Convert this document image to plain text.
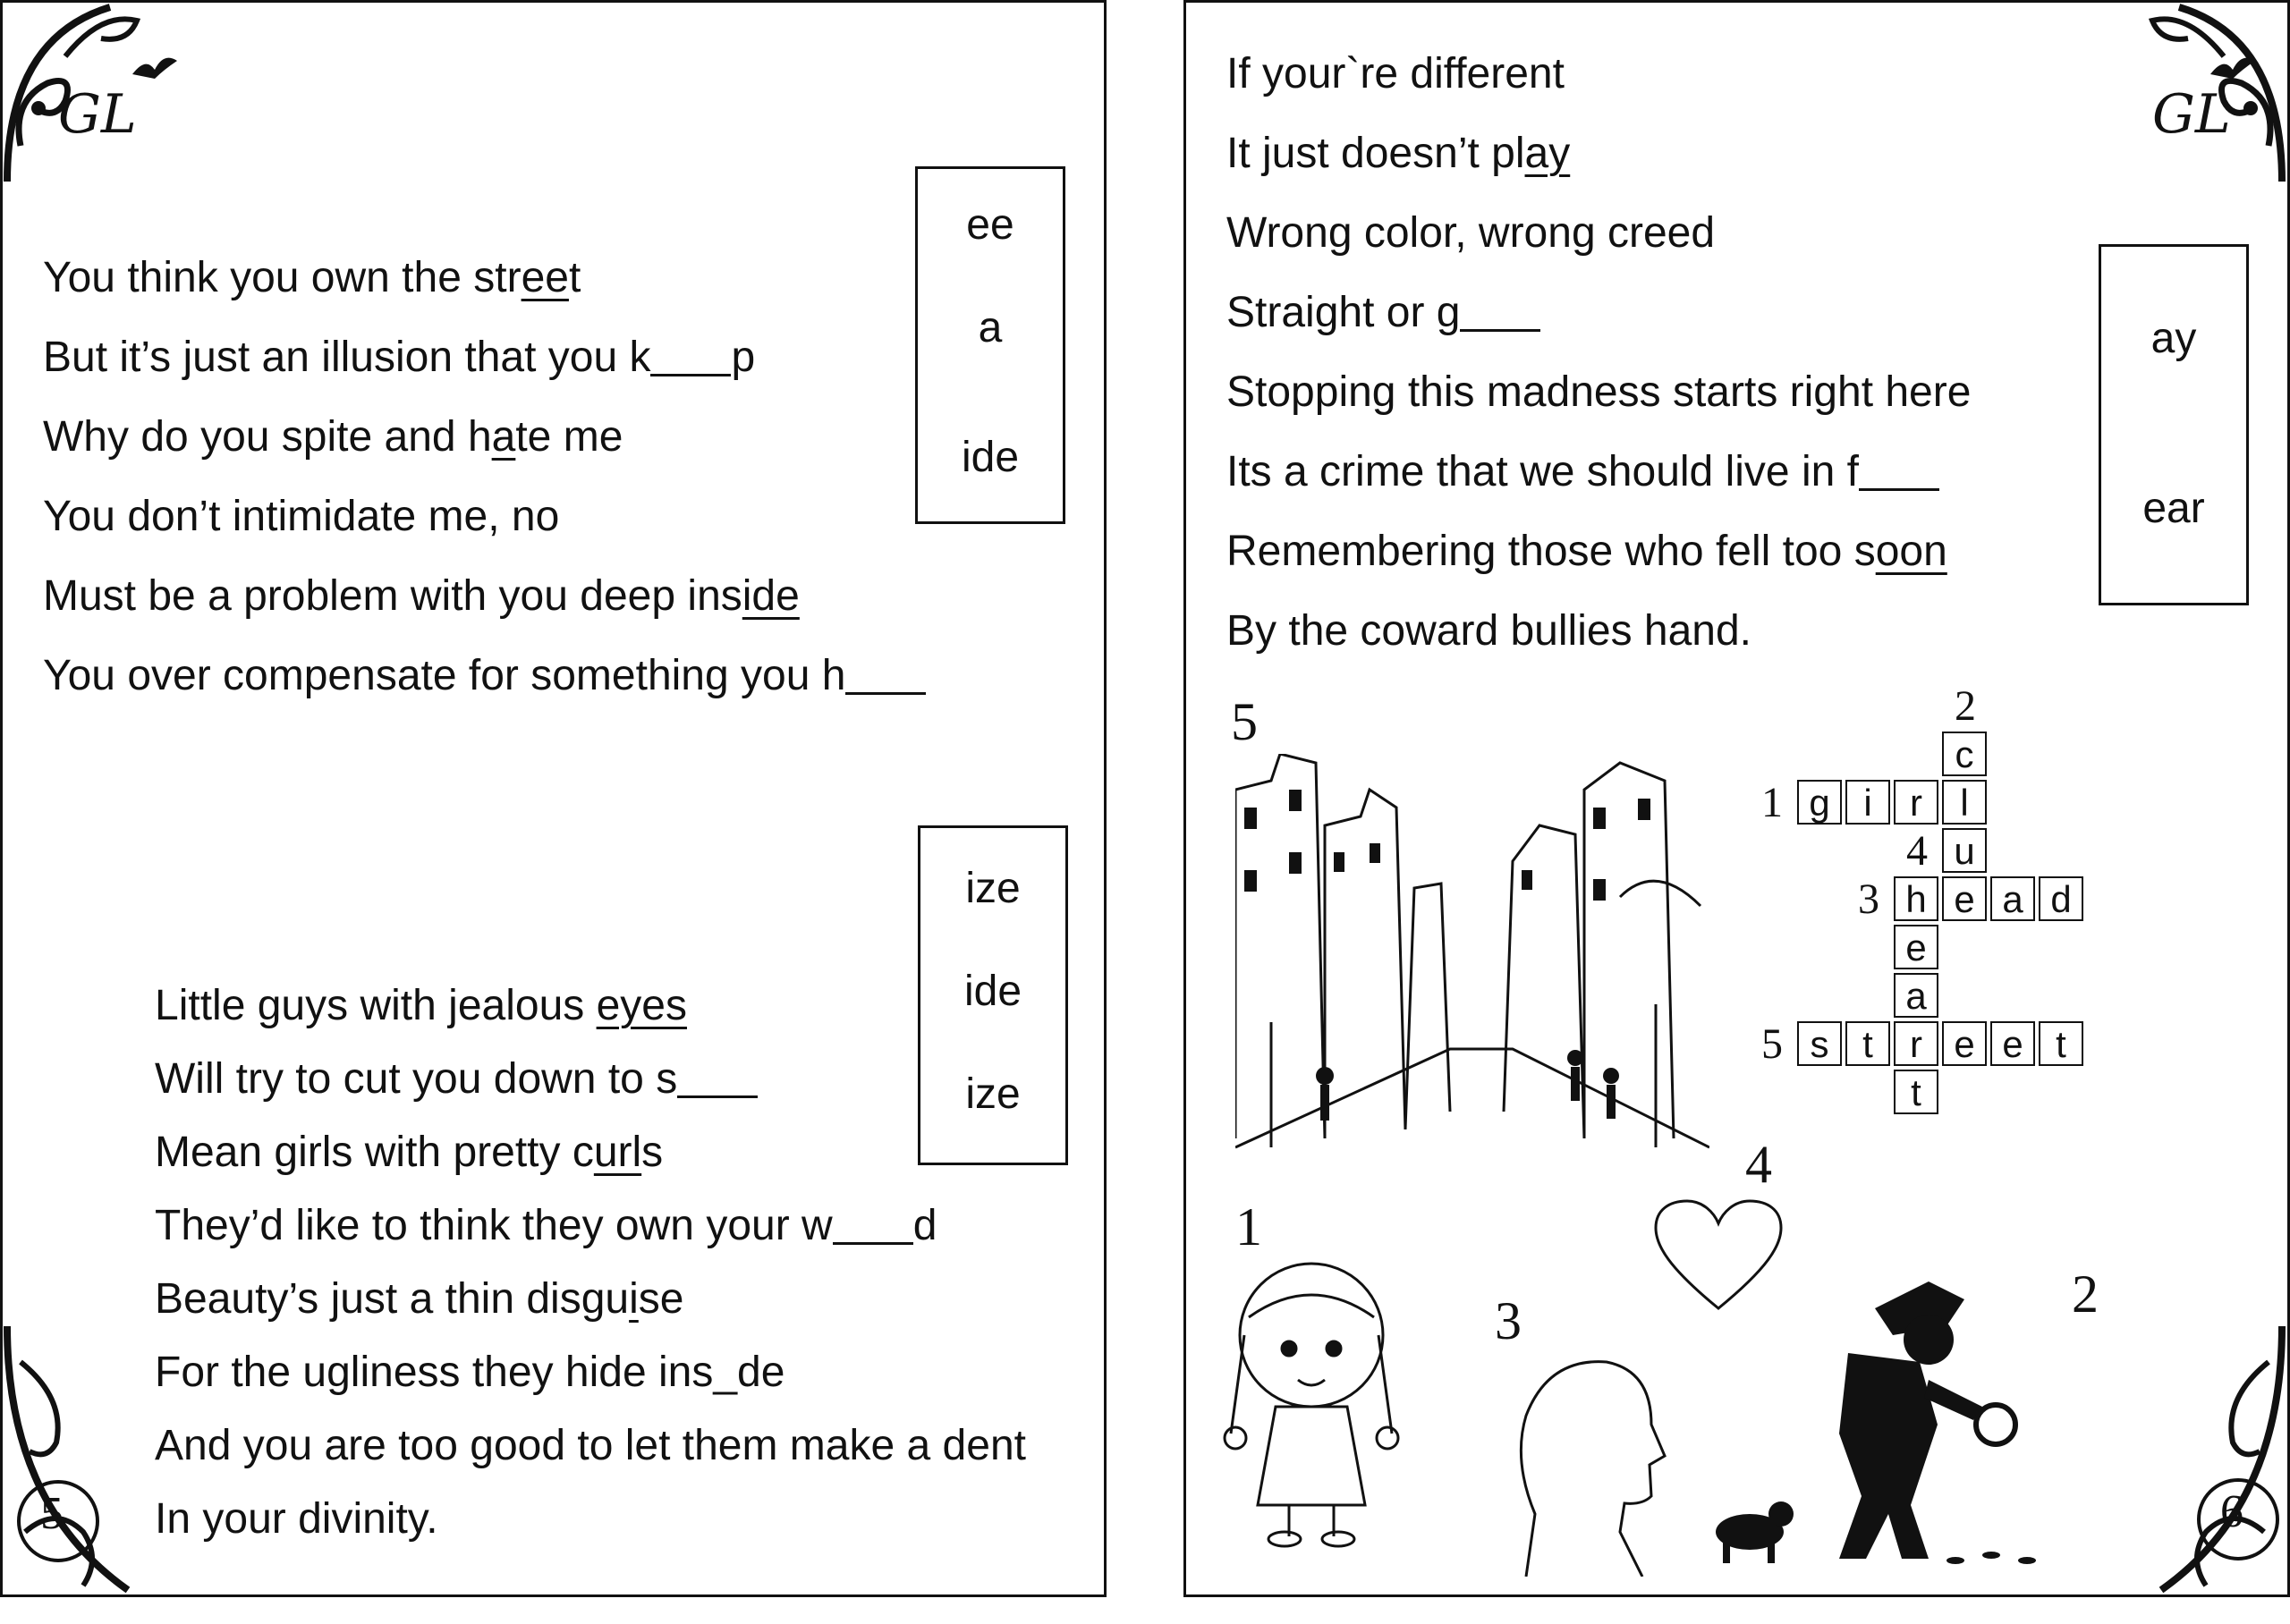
GL
5
You think you own the street
But it’s just an illusion that you k p
Why do you spite and hate me
You don’t intimidate me, no
Must be a problem with you deep inside
You over compensate for something you h
ee
a
ide
Little guys with jealous eyes
Will try to cut you down to s
Mean girls with pretty curls
They’d like to think they own your w d
Beauty’s just a thin disguise
For the ugliness they hide ins_de
And you are too good to let them make a dent
In your divinity.
ize
ide
ize
GL
6
If your`re different
It just doesn’t play
Wrong color, wrong creed
Straight or g
Stopping this madness starts right here
Its a crime that we should live in f
Remembering those who fell too soon
By the coward bullies hand.
ay
ear
5
1
3
4
2
g i	r	l
c
u
h e a d
e
a
t
s t r e e t
1
2
3
4
5
